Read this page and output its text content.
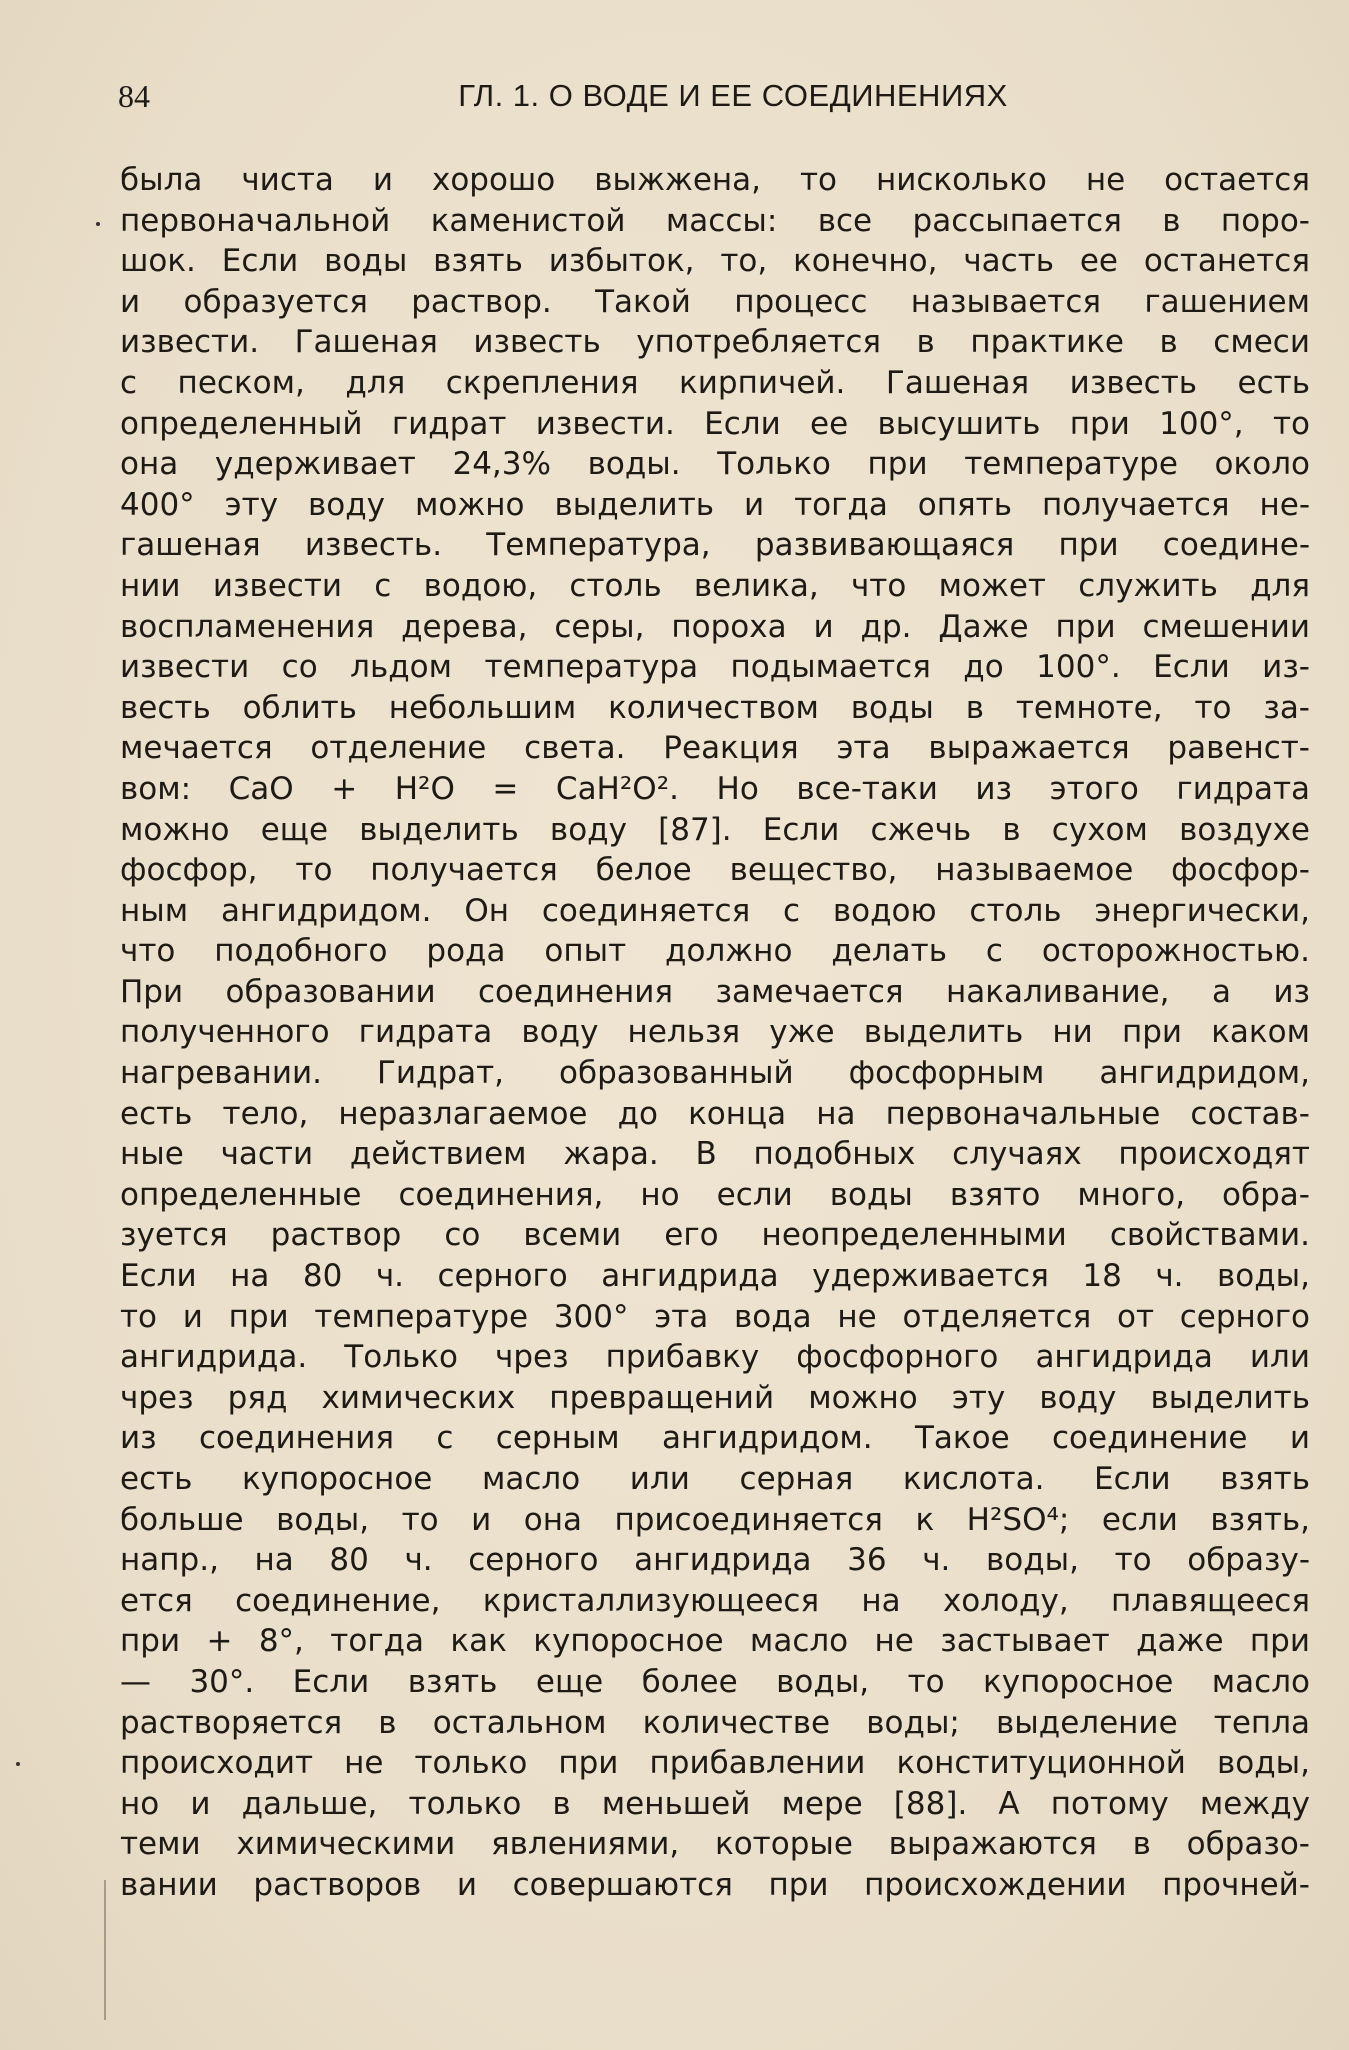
84	ГЛ. 1. О ВОДЕ И ЕЕ СОЕДИНЕНИЯХ
была чиста и хорошо выжжена, то нисколько не остается
первоначальной каменистой массы: все рассыпается в поро-
шок. Если воды взять избыток, то, конечно, часть ее останется
и образуется раствор. Такой процесс называется гашением
извести. Гашеная известь употребляется в практике в смеси
с песком, для скрепления кирпичей. Гашеная известь есть
определенный гидрат извести. Если ее высушить при 100°, то
она удерживает 24,3% воды. Только при температуре около
400° эту воду можно выделить и тогда опять получается не-
гашеная известь. Температура, развивающаяся при соедине-
нии извести с водою, столь велика, что может служить для
воспламенения дерева, серы, пороха и др. Даже при смешении
извести со льдом температура подымается до 100°. Если из-
весть облить небольшим количеством воды в темноте, то за-
мечается отделение света. Реакция эта выражается равенст-
вом: CaO + H²O = CaH²O². Но все-таки из этого гидрата
можно еще выделить воду [87]. Если сжечь в сухом воздухе
фосфор, то получается белое вещество, называемое фосфор-
ным ангидридом. Он соединяется с водою столь энергически,
что подобного рода опыт должно делать с осторожностью.
При образовании соединения замечается накаливание, а из
полученного гидрата воду нельзя уже выделить ни при каком
нагревании. Гидрат, образованный фосфорным ангидридом,
есть тело, неразлагаемое до конца на первоначальные состав-
ные части действием жара. В подобных случаях происходят
определенные соединения, но если воды взято много, обра-
зуется раствор со всеми его неопределенными свойствами.
Если на 80 ч. серного ангидрида удерживается 18 ч. воды,
то и при температуре 300° эта вода не отделяется от серного
ангидрида. Только чрез прибавку фосфорного ангидрида или
чрез ряд химических превращений можно эту воду выделить
из соединения с серным ангидридом. Такое соединение и
есть купоросное масло или серная кислота. Если взять
больше воды, то и она присоединяется к H²SO⁴; если взять,
напр., на 80 ч. серного ангидрида 36 ч. воды, то образу-
ется соединение, кристаллизующееся на холоду, плавящееся
при + 8°, тогда как купоросное масло не застывает даже при
— 30°. Если взять еще более воды, то купоросное масло
растворяется в остальном количестве воды; выделение тепла
происходит не только при прибавлении конституционной воды,
но и дальше, только в меньшей мере [88]. А потому между
теми химическими явлениями, которые выражаются в образо-
вании растворов и совершаются при происхождении прочней-
